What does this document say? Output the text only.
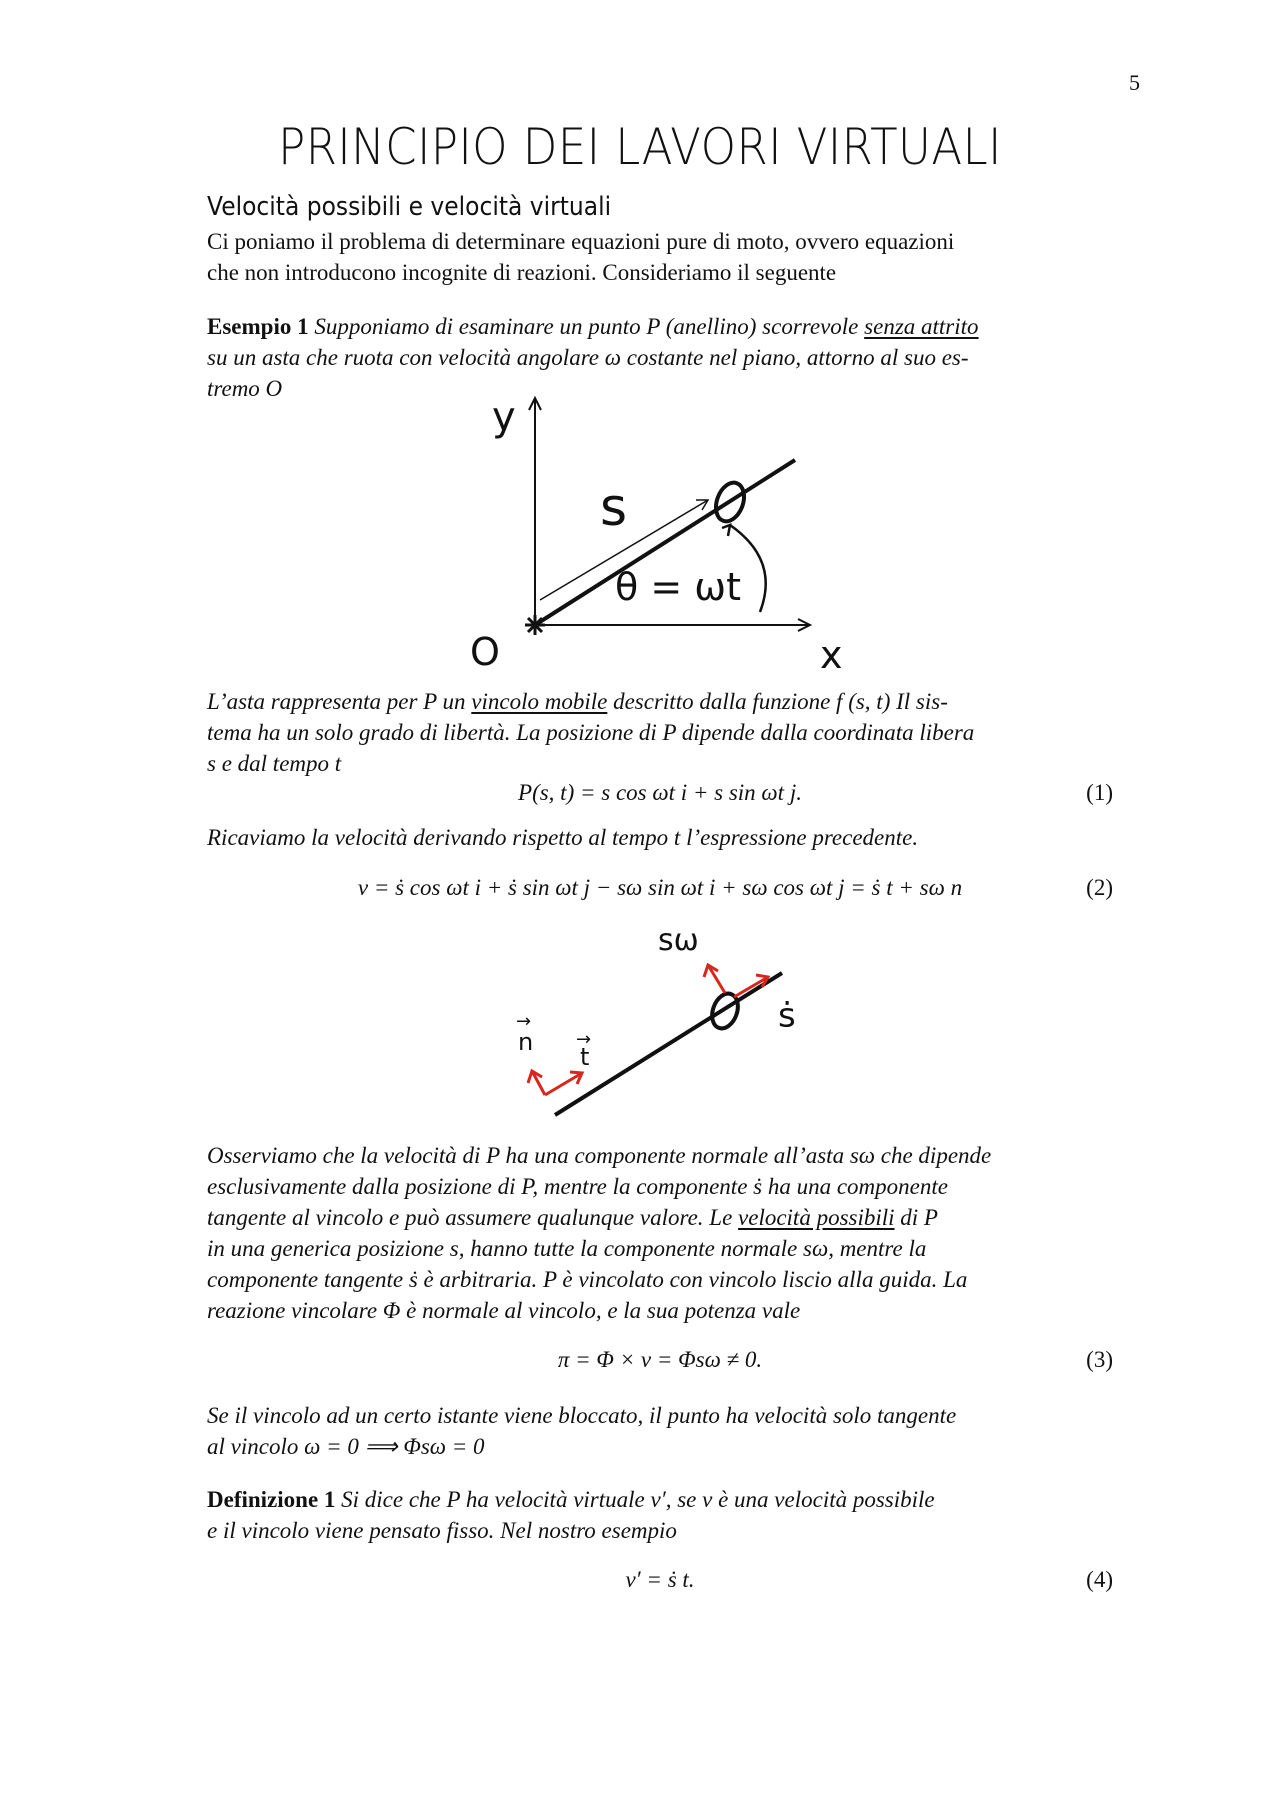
5
PRINCIPIO DEI LAVORI VIRTUALI
Velocità possibili e velocità virtuali
Ci poniamo il problema di determinare equazioni pure di moto, ovvero equazioni
che non introducono incognite di reazioni. Consideriamo il seguente
Esempio 1 Supponiamo di esaminare un punto P (anellino) scorrevole senza attrito
su un asta che ruota con velocità angolare ω costante nel piano, attorno al suo es-
tremo O
y
x
O
s
θ = ωt
L’asta rappresenta per P un vincolo mobile descritto dalla funzione f (s, t) Il sis-
tema ha un solo grado di libertà. La posizione di P dipende dalla coordinata libera
s e dal tempo t
P(s, t) = s cos ωt i + s sin ωt j.	(1)
Ricaviamo la velocità derivando rispetto al tempo t l’espressione precedente.
v = ṡ cos ωt i + ṡ sin ωt j − sω sin ωt i + sω cos ωt j = ṡ t + sω n	(2)
sω
ṡ
n
→
t
→
Osserviamo che la velocità di P ha una componente normale all’asta sω che dipende
esclusivamente dalla posizione di P, mentre la componente ṡ ha una componente
tangente al vincolo e può assumere qualunque valore. Le velocità possibili di P
in una generica posizione s, hanno tutte la componente normale sω, mentre la
componente tangente ṡ è arbitraria. P è vincolato con vincolo liscio alla guida. La
reazione vincolare Φ è normale al vincolo, e la sua potenza vale
π = Φ × v = Φsω ≠ 0.	(3)
Se il vincolo ad un certo istante viene bloccato, il punto ha velocità solo tangente
al vincolo ω = 0 ⟹ Φsω = 0
Definizione 1 Si dice che P ha velocità virtuale v′, se v è una velocità possibile
e il vincolo viene pensato fisso. Nel nostro esempio
v′ = ṡ t.	(4)
